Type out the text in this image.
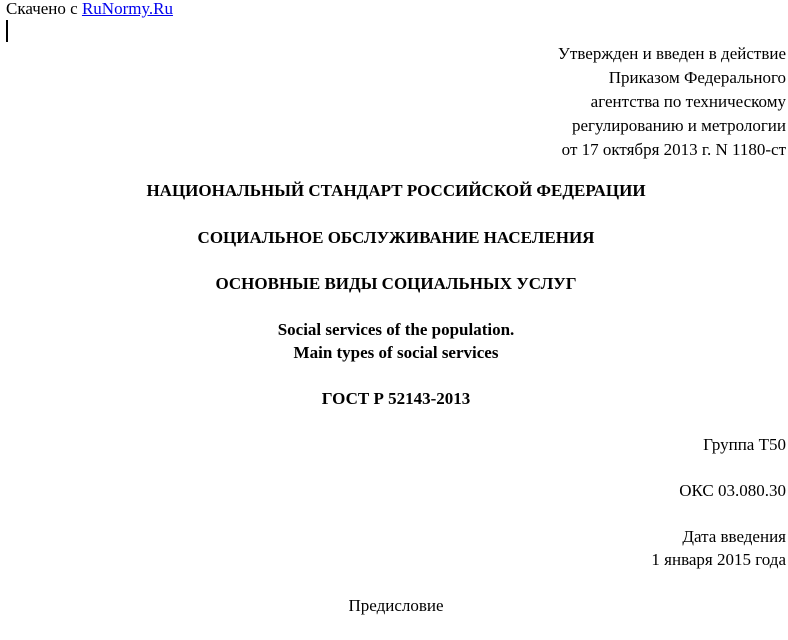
Скачено с RuNormy.Ru
Утвержден и введен в действие
Приказом Федерального
агентства по техническому
регулированию и метрологии
от 17 октября 2013 г. N 1180-ст
НАЦИОНАЛЬНЫЙ СТАНДАРТ РОССИЙСКОЙ ФЕДЕРАЦИИ
СОЦИАЛЬНОЕ ОБСЛУЖИВАНИЕ НАСЕЛЕНИЯ
ОСНОВНЫЕ ВИДЫ СОЦИАЛЬНЫХ УСЛУГ
Social services of the population.
Main types of social services
ГОСТ Р 52143-2013
Группа Т50
ОКС 03.080.30
Дата введения
1 января 2015 года
Предисловие
